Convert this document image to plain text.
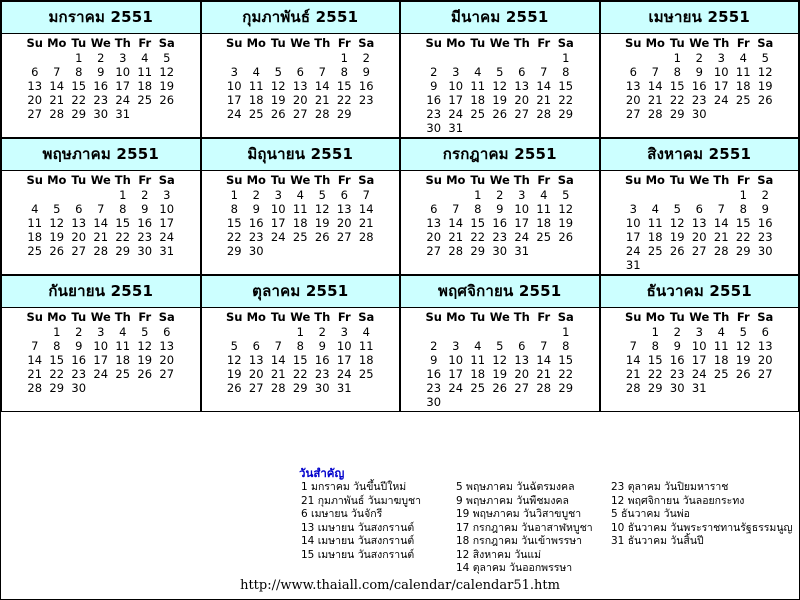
มกราคม 2551
Su	Mo	Tu	We	Th	Fr	Sa
		1	2	3	4	5
6	7	8	9	10	11	12
13	14	15	16	17	18	19
20	21	22	23	24	25	26
27	28	29	30	31		
กุมภาพันธ์ 2551
Su	Mo	Tu	We	Th	Fr	Sa
					1	2
3	4	5	6	7	8	9
10	11	12	13	14	15	16
17	18	19	20	21	22	23
24	25	26	27	28	29	
มีนาคม 2551
Su	Mo	Tu	We	Th	Fr	Sa
						1
2	3	4	5	6	7	8
9	10	11	12	13	14	15
16	17	18	19	20	21	22
23	24	25	26	27	28	29
30	31					
เมษายน 2551
Su	Mo	Tu	We	Th	Fr	Sa
		1	2	3	4	5
6	7	8	9	10	11	12
13	14	15	16	17	18	19
20	21	22	23	24	25	26
27	28	29	30			
พฤษภาคม 2551
Su	Mo	Tu	We	Th	Fr	Sa
				1	2	3
4	5	6	7	8	9	10
11	12	13	14	15	16	17
18	19	20	21	22	23	24
25	26	27	28	29	30	31
มิถุนายน 2551
Su	Mo	Tu	We	Th	Fr	Sa
1	2	3	4	5	6	7
8	9	10	11	12	13	14
15	16	17	18	19	20	21
22	23	24	25	26	27	28
29	30					
กรกฎาคม 2551
Su	Mo	Tu	We	Th	Fr	Sa
		1	2	3	4	5
6	7	8	9	10	11	12
13	14	15	16	17	18	19
20	21	22	23	24	25	26
27	28	29	30	31		
สิงหาคม 2551
Su	Mo	Tu	We	Th	Fr	Sa
					1	2
3	4	5	6	7	8	9
10	11	12	13	14	15	16
17	18	19	20	21	22	23
24	25	26	27	28	29	30
31						
กันยายน 2551
Su	Mo	Tu	We	Th	Fr	Sa
	1	2	3	4	5	6
7	8	9	10	11	12	13
14	15	16	17	18	19	20
21	22	23	24	25	26	27
28	29	30				
ตุลาคม 2551
Su	Mo	Tu	We	Th	Fr	Sa
			1	2	3	4
5	6	7	8	9	10	11
12	13	14	15	16	17	18
19	20	21	22	23	24	25
26	27	28	29	30	31	
พฤศจิกายน 2551
Su	Mo	Tu	We	Th	Fr	Sa
						1
2	3	4	5	6	7	8
9	10	11	12	13	14	15
16	17	18	19	20	21	22
23	24	25	26	27	28	29
30						
ธันวาคม 2551
Su	Mo	Tu	We	Th	Fr	Sa
	1	2	3	4	5	6
7	8	9	10	11	12	13
14	15	16	17	18	19	20
21	22	23	24	25	26	27
28	29	30	31			
วันสำคัญ
1 มกราคม วันขึ้นปีใหม่
21 กุมภาพันธ์ วันมาฆบูชา
6 เมษายน วันจักรี
13 เมษายน วันสงกรานต์
14 เมษายน วันสงกรานต์
15 เมษายน วันสงกรานต์
5 พฤษภาคม วันฉัตรมงคล
9 พฤษภาคม วันพืชมงคล
19 พฤษภาคม วันวิสาขบูชา
17 กรกฎาคม วันอาสาฬหบูชา
18 กรกฎาคม วันเข้าพรรษา
12 สิงหาคม วันแม่
14 ตุลาคม วันออกพรรษา
23 ตุลาคม วันปิยมหาราช
12 พฤศจิกายน วันลอยกระทง
5 ธันวาคม วันพ่อ
10 ธันวาคม วันพระราชทานรัฐธรรมนูญ
31 ธันวาคม วันสิ้นปี
http://www.thaiall.com/calendar/calendar51.htm
